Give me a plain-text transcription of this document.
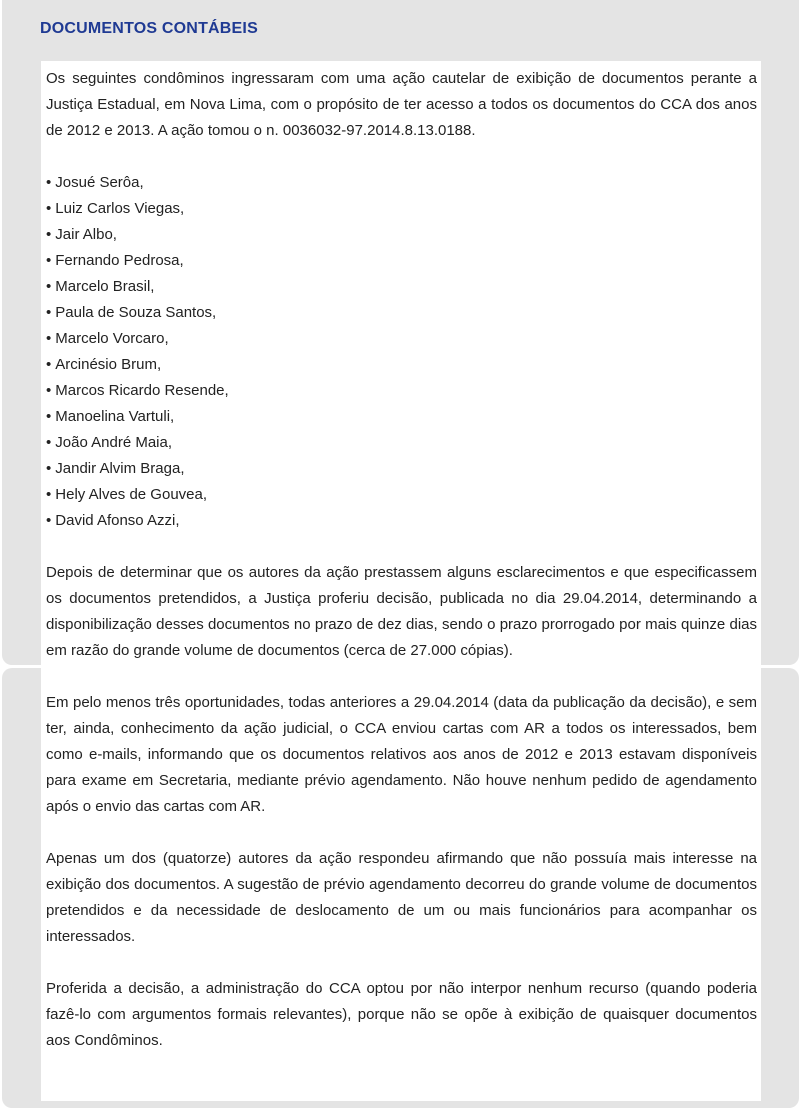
DOCUMENTOS CONTÁBEIS

Os seguintes condôminos ingressaram com uma ação cautelar de exibição de documentos perante a Justiça Estadual, em Nova Lima, com o propósito de ter acesso a todos os documentos do CCA dos anos de 2012 e 2013. A ação tomou o n. 0036032-97.2014.8.13.0188.

• Josué Serôa,
• Luiz Carlos Viegas,
• Jair Albo,
• Fernando Pedrosa,
• Marcelo Brasil,
• Paula de Souza Santos,
• Marcelo Vorcaro,
• Arcinésio Brum,
• Marcos Ricardo Resende,
• Manoelina Vartuli,
• João André Maia,
• Jandir Alvim Braga,
• Hely Alves de Gouvea,
• David Afonso Azzi,

Depois de determinar que os autores da ação prestassem alguns esclarecimentos e que especificassem os documentos pretendidos, a Justiça proferiu decisão, publicada no dia 29.04.2014, determinando a disponibilização desses documentos no prazo de dez dias, sendo o prazo prorrogado por mais quinze dias em razão do grande volume de documentos (cerca de 27.000 cópias).

Em pelo menos três oportunidades, todas anteriores a 29.04.2014 (data da publicação da decisão), e sem ter, ainda, conhecimento da ação judicial, o CCA enviou cartas com AR a todos os interessados, bem como e-mails, informando que os documentos relativos aos anos de 2012 e 2013 estavam disponíveis para exame em Secretaria, mediante prévio agendamento. Não houve nenhum pedido de agendamento após o envio das cartas com AR.

Apenas um dos (quatorze) autores da ação respondeu afirmando que não possuía mais interesse na exibição dos documentos. A sugestão de prévio agendamento decorreu do grande volume de documentos pretendidos e da necessidade de deslocamento de um ou mais funcionários para acompanhar os interessados.

Proferida a decisão, a administração do CCA optou por não interpor nenhum recurso (quando poderia fazê-lo com argumentos formais relevantes), porque não se opõe à exibição de quaisquer documentos aos Condôminos.
